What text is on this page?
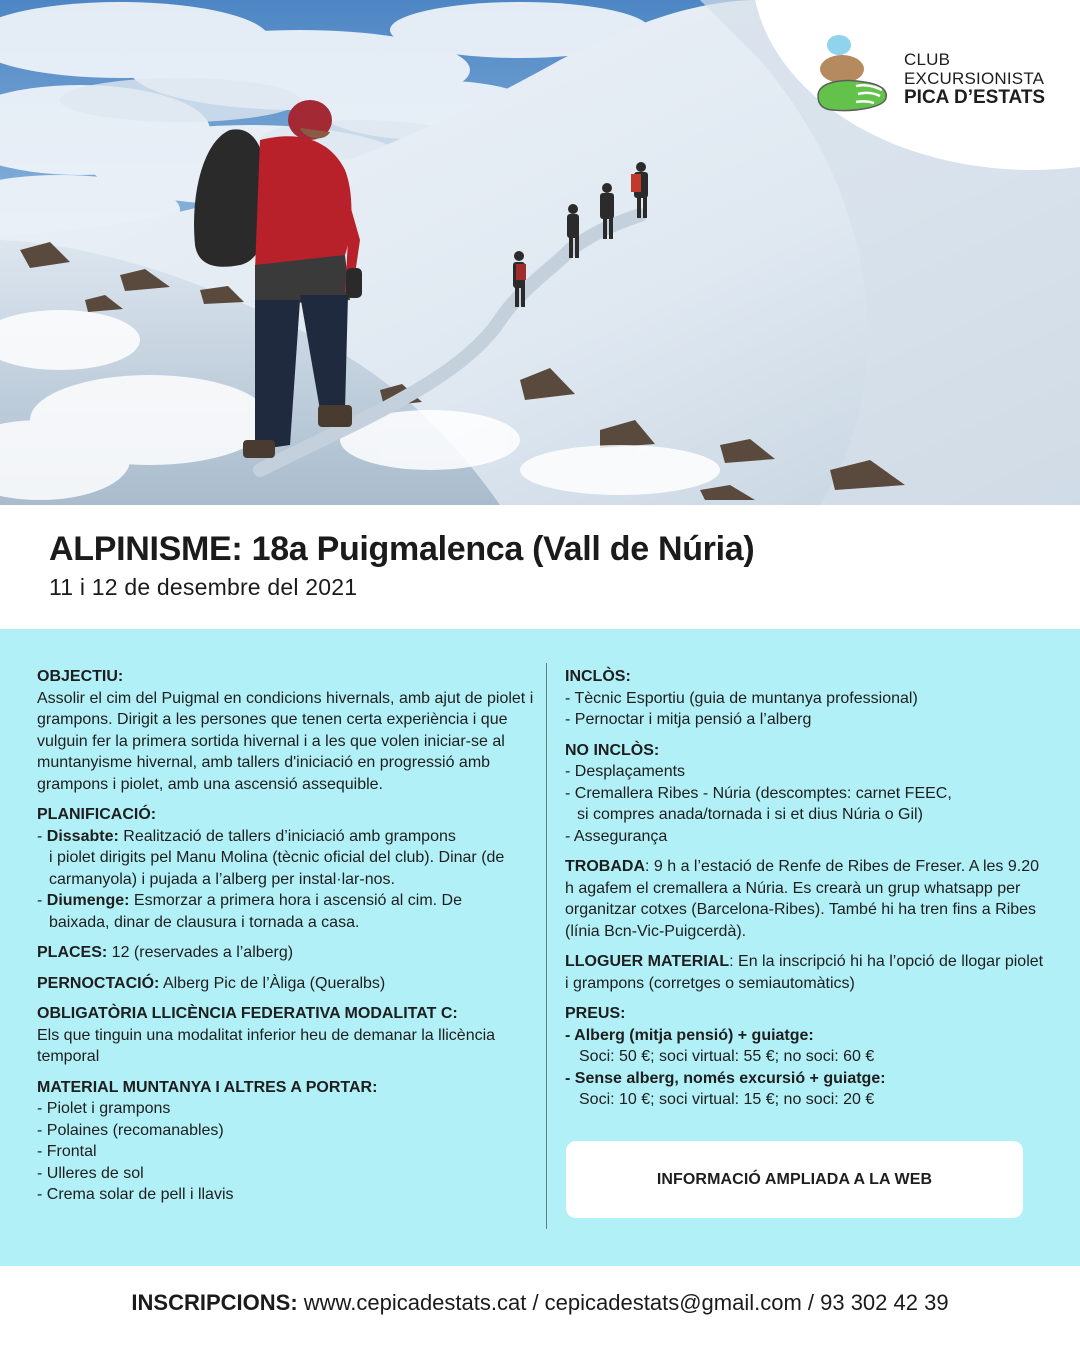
CLUB
EXCURSIONISTA
PICA D’ESTATS
ALPINISME: 18a Puigmalenca (Vall de Núria)
11 i 12 de desembre del 2021
OBJECTIU:
Assolir el cim del Puigmal en condicions hivernals, amb ajut de piolet i grampons. Dirigit a les persones que tenen certa experiència i que vulguin fer la primera sortida hivernal i a les que volen iniciar-se al muntanyisme hivernal, amb tallers d'iniciació en progressió amb grampons i piolet, amb una ascensió assequible.
PLANIFICACIÓ:
- Dissabte: Realització de tallers d’iniciació amb grampons
i piolet dirigits pel Manu Molina (tècnic oficial del club). Dinar (de carmanyola) i pujada a l’alberg per instal·lar-nos.
- Diumenge: Esmorzar a primera hora i ascensió al cim. De
baixada, dinar de clausura i tornada a casa.
PLACES: 12 (reservades a l’alberg)
PERNOCTACIÓ: Alberg Pic de l’Àliga (Queralbs)
OBLIGATÒRIA LLICÈNCIA FEDERATIVA MODALITAT C:
Els que tinguin una modalitat inferior heu de demanar la llicència temporal
MATERIAL MUNTANYA I ALTRES A PORTAR:
- Piolet i grampons
- Polaines (recomanables)
- Frontal
- Ulleres de sol
- Crema solar de pell i llavis
INCLÒS:
- Tècnic Esportiu (guia de muntanya professional)
- Pernoctar i mitja pensió a l’alberg
NO INCLÒS:
- Desplaçaments
- Cremallera Ribes - Núria (descomptes: carnet FEEC,
si compres anada/tornada i si et dius Núria o Gil)
- Assegurança
TROBADA: 9 h a l’estació de Renfe de Ribes de Freser. A les 9.20 h agafem el cremallera a Núria. Es crearà un grup whatsapp per organitzar cotxes (Barcelona-Ribes). També hi ha tren fins a Ribes (línia Bcn-Vic-Puigcerdà).
LLOGUER MATERIAL: En la inscripció hi ha l’opció de llogar piolet i grampons (corretges o semiautomàtics)
PREUS:
- Alberg (mitja pensió) + guiatge:
Soci: 50 €; soci virtual: 55 €; no soci: 60 €
- Sense alberg, només excursió + guiatge:
Soci: 10 €; soci virtual: 15 €; no soci: 20 €
INFORMACIÓ AMPLIADA A LA WEB
INSCRIPCIONS: www.cepicadestats.cat / cepicadestats@gmail.com / 93 302 42 39
